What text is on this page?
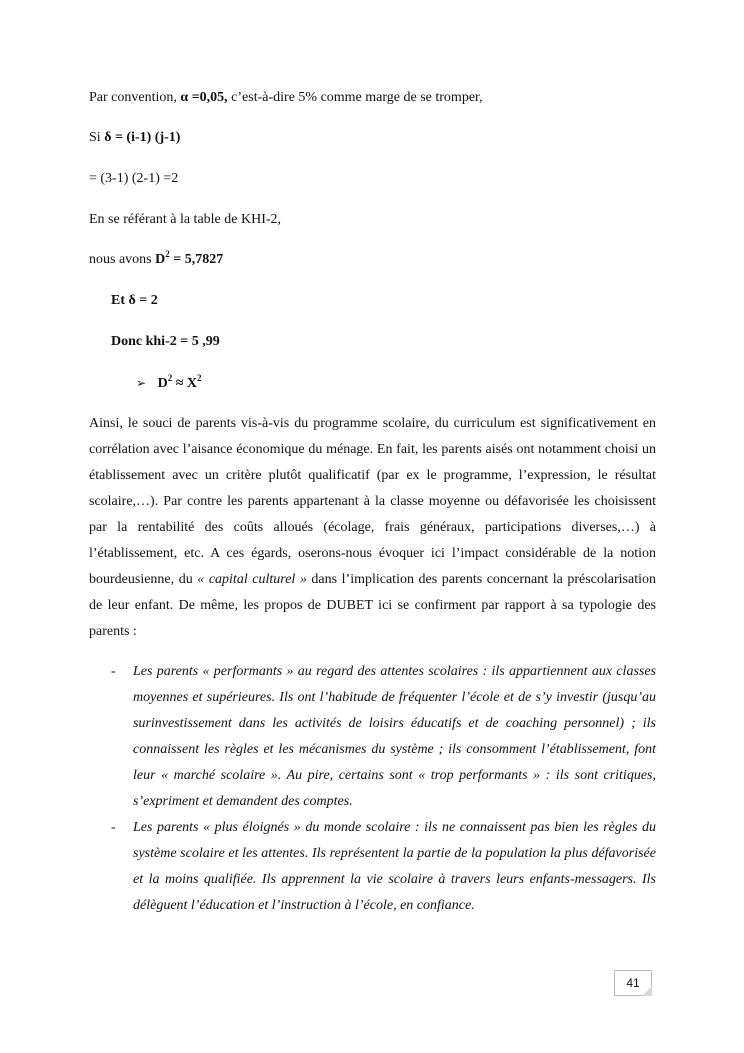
Par convention, α =0,05, c’est-à-dire 5% comme marge de se tromper,
Si δ = (i-1) (j-1)
= (3-1) (2-1) =2
En se référant à la table de KHI-2,
nous avons $D^2 = 5,7827$
Et δ = 2
Donc khi-2 = 5 ,99
➢ $D^2 \approx X^2$

Ainsi, le souci de parents vis-à-vis du programme scolaire, du curriculum est significativement en corrélation avec l’aisance économique du ménage. En fait, les parents aisés ont notamment choisi un établissement avec un critère plutôt qualificatif (par ex le programme, l’expression, le résultat scolaire,…). Par contre les parents appartenant à la classe moyenne ou défavorisée les choisissent par la rentabilité des coûts alloués (écolage, frais généraux, participations diverses,…) à l’établissement, etc. A ces égards, oserons-nous évoquer ici l’impact considérable de la notion bourdeusienne, du « capital culturel » dans l’implication des parents concernant la préscolarisation de leur enfant. De même, les propos de DUBET ici se confirment par rapport à sa typologie des parents :

- Les parents « performants » au regard des attentes scolaires : ils appartiennent aux classes moyennes et supérieures. Ils ont l’habitude de fréquenter l’école et de s’y investir (jusqu’au surinvestissement dans les activités de loisirs éducatifs et de coaching personnel) ; ils connaissent les règles et les mécanismes du système ; ils consomment l’établissement, font leur « marché scolaire ». Au pire, certains sont « trop performants » : ils sont critiques, s’expriment et demandent des comptes.
- Les parents « plus éloignés » du monde scolaire : ils ne connaissent pas bien les règles du système scolaire et les attentes. Ils représentent la partie de la population la plus défavorisée et la moins qualifiée. Ils apprennent la vie scolaire à travers leurs enfants-messagers. Ils délèguent l’éducation et l’instruction à l’école, en confiance.
41
